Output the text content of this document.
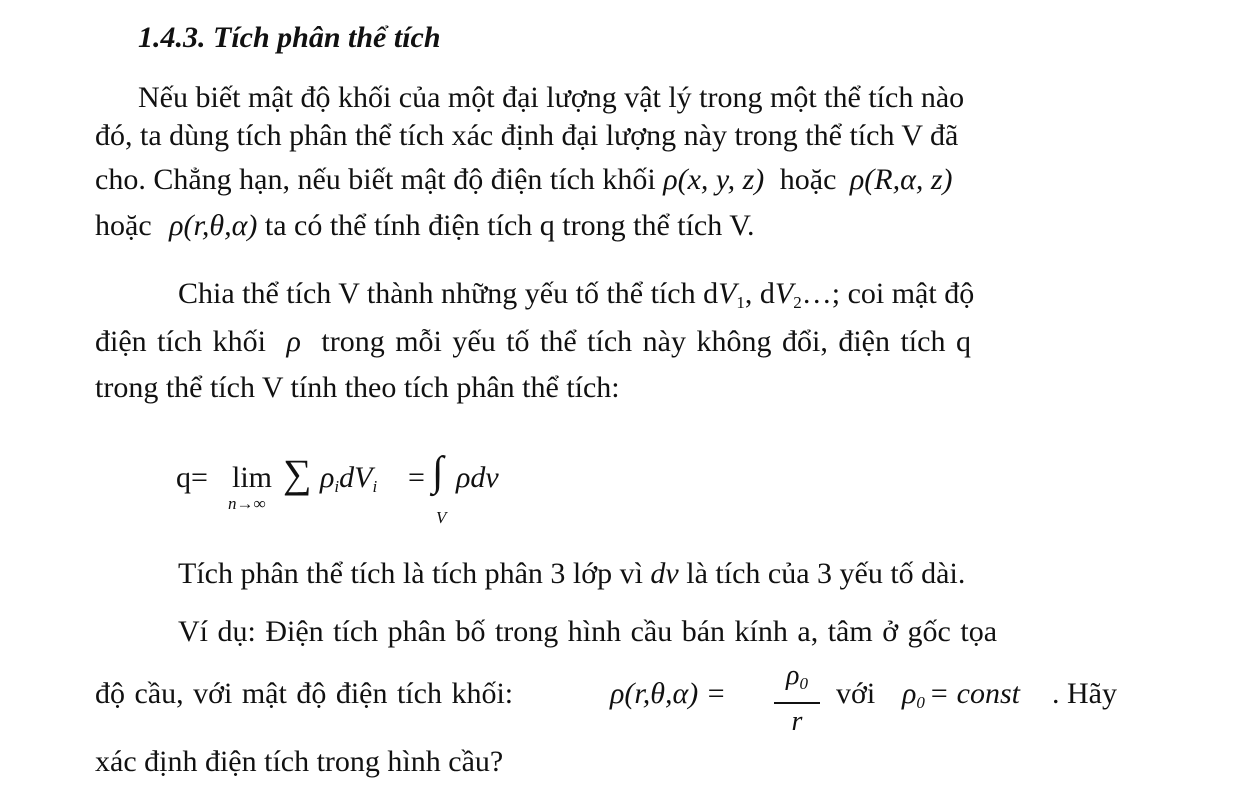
1.4.3. Tích phân thể tích
Nếu biết mật độ khối của một đại lượng vật lý trong một thể tích nào
đó, ta dùng tích phân thể tích xác định đại lượng này trong thể tích V đã
cho. Chẳng hạn, nếu biết mật độ điện tích khối ρ(x, y, z) hoặc ρ(R,α, z)
hoặc ρ(r,θ,α) ta có thể tính điện tích q trong thể tích V.
Chia thể tích V thành những yếu tố thể tích $dV_1$, $dV_2\dots$; coi mật độ
điện tích khối ρ trong mỗi yếu tố thể tích này không đổi, điện tích q
trong thể tích V tính theo tích phân thể tích:
q= lim
n→∞
∑ $\rho_idV_i$ = ∫
V
ρdv
Tích phân thể tích là tích phân 3 lớp vì dv là tích của 3 yếu tố dài.
Ví dụ: Điện tích phân bố trong hình cầu bán kính a, tâm ở gốc tọa
độ cầu, với mật độ điện tích khối:	ρ(r,θ,α) =
$\rho_0$
r
với $\rho_0$ = const . Hãy
xác định điện tích trong hình cầu?
